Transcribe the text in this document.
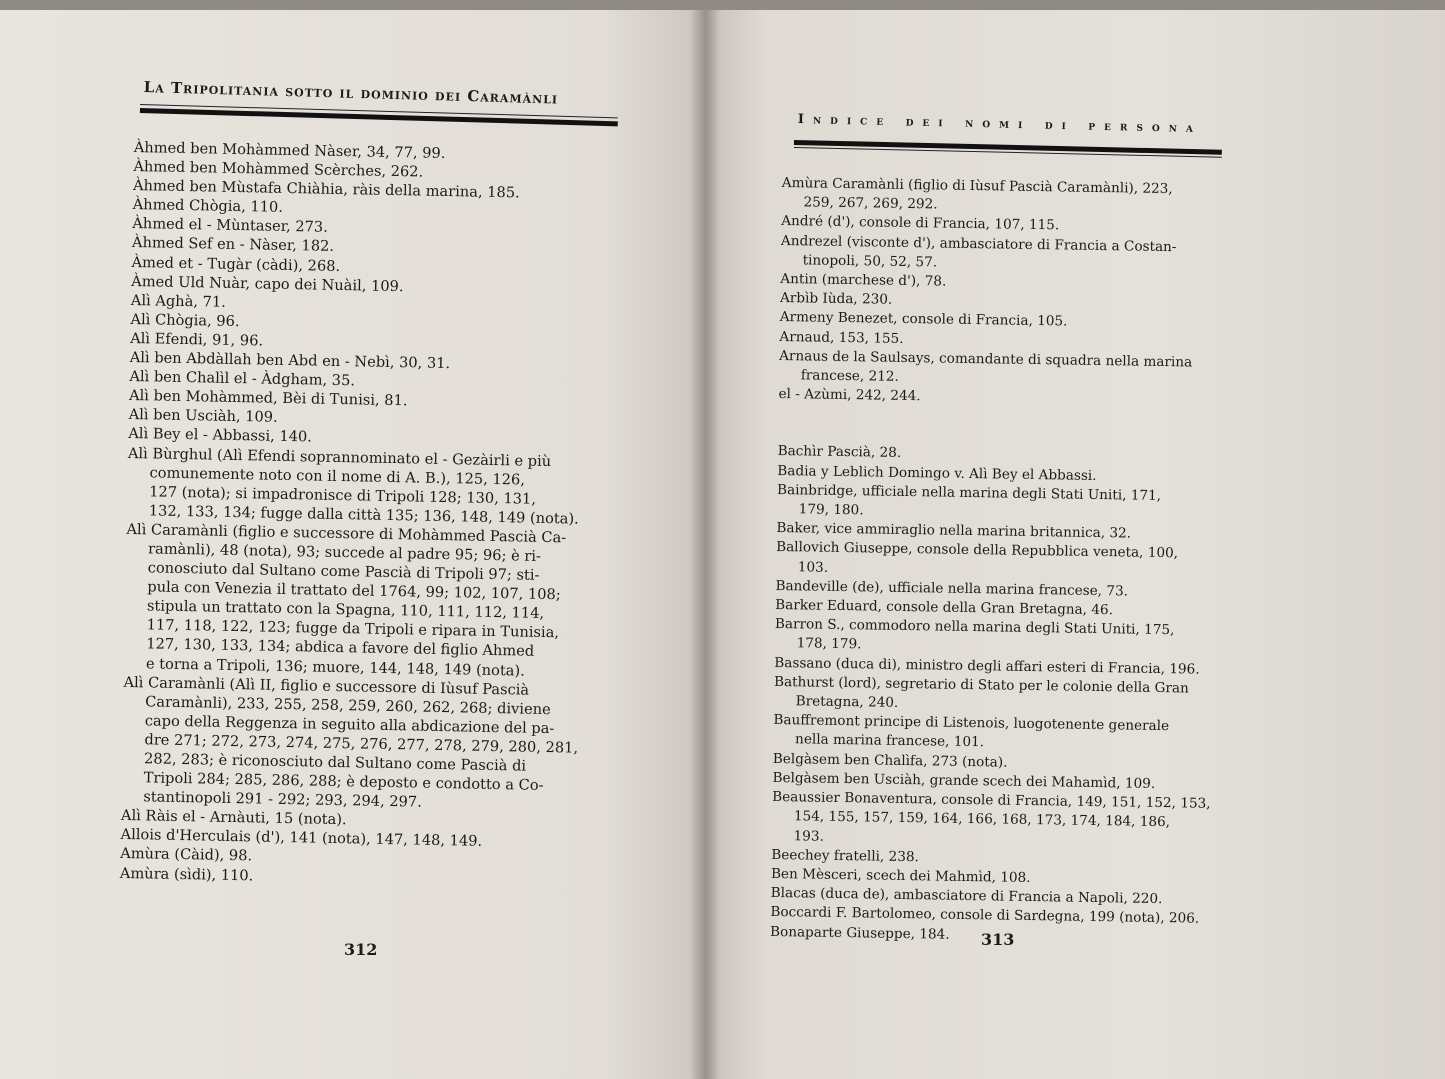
La Tripolitania sotto il dominio dei Caramànli
Àhmed ben Mohàmmed Nàser, 34, 77, 99.
Àhmed ben Mohàmmed Scèrches, 262.
Àhmed ben Mùstafa Chiàhia, ràis della marina, 185.
Àhmed Chògia, 110.
Àhmed el - Mùntaser, 273.
Àhmed Sef en - Nàser, 182.
Àmed et - Tugàr (càdi), 268.
Àmed Uld Nuàr, capo dei Nuàil, 109.
Alì Aghà, 71.
Alì Chògia, 96.
Alì Efendi, 91, 96.
Alì ben Abdàllah ben Abd en - Nebì, 30, 31.
Alì ben Chalìl el - Àdgham, 35.
Alì ben Mohàmmed, Bèi di Tunisi, 81.
Alì ben Usciàh, 109.
Alì Bey el - Abbassi, 140.
Alì Bùrghul (Alì Efendi soprannominato el - Gezàirli e più
comunemente noto con il nome di A. B.), 125, 126,
127 (nota); si impadronisce di Tripoli 128; 130, 131,
132, 133, 134; fugge dalla città 135; 136, 148, 149 (nota).
Alì Caramànli (figlio e successore di Mohàmmed Pascià Ca-
ramànli), 48 (nota), 93; succede al padre 95; 96; è ri-
conosciuto dal Sultano come Pascià di Tripoli 97; sti-
pula con Venezia il trattato del 1764, 99; 102, 107, 108;
stipula un trattato con la Spagna, 110, 111, 112, 114,
117, 118, 122, 123; fugge da Tripoli e ripara in Tunisia,
127, 130, 133, 134; abdica a favore del figlio Ahmed
e torna a Tripoli, 136; muore, 144, 148, 149 (nota).
Alì Caramànli (Alì II, figlio e successore di Iùsuf Pascià
Caramànli), 233, 255, 258, 259, 260, 262, 268; diviene
capo della Reggenza in seguito alla abdicazione del pa-
dre 271; 272, 273, 274, 275, 276, 277, 278, 279, 280, 281,
282, 283; è riconosciuto dal Sultano come Pascià di
Tripoli 284; 285, 286, 288; è deposto e condotto a Co-
stantinopoli 291 - 292; 293, 294, 297.
Alì Ràis el - Arnàuti, 15 (nota).
Allois d'Herculais (d'), 141 (nota), 147, 148, 149.
Amùra (Càid), 98.
Amùra (sìdi), 110.
312
Indice dei nomi di persona
Amùra Caramànli (figlio di Iùsuf Pascià Caramànli), 223,
259, 267, 269, 292.
André (d'), console di Francia, 107, 115.
Andrezel (visconte d'), ambasciatore di Francia a Costan-
tinopoli, 50, 52, 57.
Antin (marchese d'), 78.
Arbìb Iùda, 230.
Armeny Benezet, console di Francia, 105.
Arnaud, 153, 155.
Arnaus de la Saulsays, comandante di squadra nella marina
francese, 212.
el - Azùmi, 242, 244.
Bachìr Pascià, 28.
Badia y Leblich Domingo v. Alì Bey el Abbassi.
Bainbridge, ufficiale nella marina degli Stati Uniti, 171,
179, 180.
Baker, vice ammiraglio nella marina britannica, 32.
Ballovich Giuseppe, console della Repubblica veneta, 100,
103.
Bandeville (de), ufficiale nella marina francese, 73.
Barker Eduard, console della Gran Bretagna, 46.
Barron S., commodoro nella marina degli Stati Uniti, 175,
178, 179.
Bassano (duca di), ministro degli affari esteri di Francia, 196.
Bathurst (lord), segretario di Stato per le colonie della Gran
Bretagna, 240.
Bauffremont principe di Listenois, luogotenente generale
nella marina francese, 101.
Belgàsem ben Chalìfa, 273 (nota).
Belgàsem ben Usciàh, grande scech dei Mahamìd, 109.
Beaussier Bonaventura, console di Francia, 149, 151, 152, 153,
154, 155, 157, 159, 164, 166, 168, 173, 174, 184, 186,
193.
Beechey fratelli, 238.
Ben Mèsceri, scech dei Mahmìd, 108.
Blacas (duca de), ambasciatore di Francia a Napoli, 220.
Boccardi F. Bartolomeo, console di Sardegna, 199 (nota), 206.
Bonaparte Giuseppe, 184.	313
